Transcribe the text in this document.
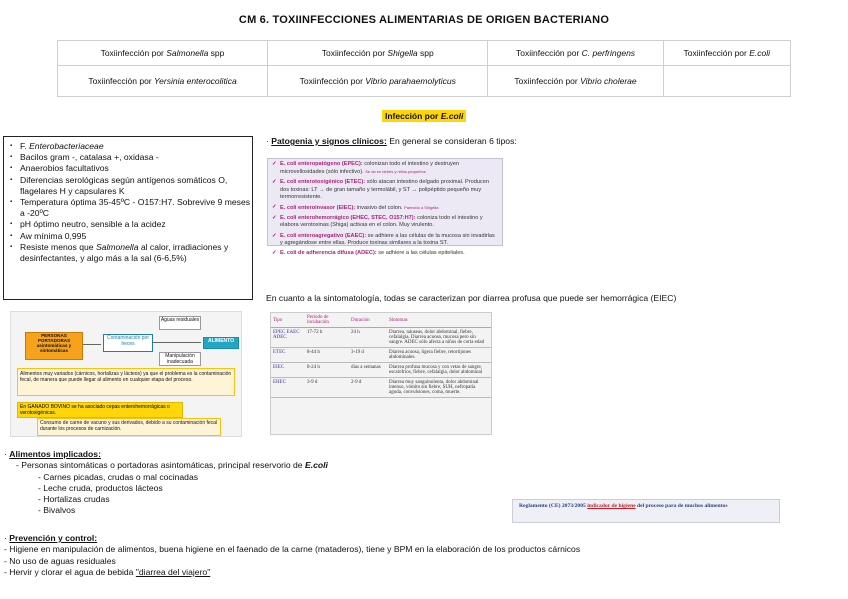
CM 6. TOXIINFECCIONES ALIMENTARIAS DE ORIGEN BACTERIANO
Toxiinfección por Salmonella spp	Toxiinfección por Shigella spp	Toxiinfección por C. perfringens	Toxiinfección por E.coli
Toxiinfección por Yersinia enterocolitica	Toxiinfección por Vibrio parahaemolyticus	Toxiinfección por Vibrio cholerae	
Infección por E.coli
▪ F. Enterobacteriaceae
▪ Bacilos gram -, catalasa +, oxidasa -
▪ Anaerobios facultativos
▪ Diferencias serológicas según antígenos somáticos O, flagelares H y capsulares K
▪ Temperatura óptima 35-45ºC - O157:H7. Sobrevive 9 meses a -20ºC
▪ pH óptimo neutro, sensible a la acidez
▪ Aw mínima 0,995
▪ Resiste menos que Salmonella al calor, irradiaciones y desinfectantes, y algo más a la sal (6-6,5%)
· Patogenia y signos clínicos: En general se consideran 6 tipos:
✓ E. coli enteropatógeno (EPEC): colonizan todo el intestino y destruyen microvellosidades (sólo infectivo). Se da en bebés y niños pequeños
✓ E. coli enterotoxigénico (ETEC): sólo atacan intestino delgado proximal. Producen dos toxinas: LT → de gran tamaño y termolábil, y ST → polipéptido pequeño muy termorresistente.
✓ E. coli enteroinvasor (EIEC): invasivo del colon. Parecido a Shigella
✓ E. coli enterohemorrágico (EHEC, STEC, O157:H7): coloniza todo el intestino y elabora verotoxinas (Shiga) activas en el colon. Muy virulento.
✓ E. coli enteroagregativo (EAEC): se adhiere a las células de la mucosa sin invadirlas y agregándose entre ellas. Produce toxinas similares a la toxina ST.
✓ E. coli de adherencia difusa (ADEC): se adhiere a las células epiteliales.
En cuanto a la sintomatología, todas se caracterizan por diarrea profusa que puede ser hemorrágica (EIEC)
PERSONAS PORTADORAS asintomáticas y sintomáticas
Contaminación por heces
Aguas residuales
Manipulación inadecuada
ALIMENTO
Alimentos muy variados (cárnicos, hortalizas y lácteos) ya que el problema es la contaminación fecal, de manera que puede llegar al alimento en cualquier etapa del proceso.
En GANADO BOVINO se ha asociado cepas enterohemorrágicas o verotoxigénicas.
Consumo de carne de vacuno y sus derivados, debido a su contaminación fecal durante los procesos de carnización.
Tipo	Período de incubación	Duración	Síntomas
EPEC EAEC ADEC	17-72 h	24 h	Diarrea, náuseas, dolor abdominal, fiebre, cefalalgia. Diarrea acuosa, mucosa pero sin sangre. ADEC sólo afecta a niños de corta edad
ETEC	8-44 h	3-19 d	Diarrea acuosa, ligera fiebre, retortijones abdominales.
EIEC	8-24 h	días a semanas	Diarrea profusa mucosa y con vetas de sangre, escalofríos, fiebre, cefalalgia, dolor abdominal
EHEC	3-9 d	2-9 d	Diarrea muy sanguinolenta, dolor abdominal intenso, vómito sin fiebre, SUH, nefropatía aguda, convulsiones, coma, muerte.
· Alimentos implicados:
- Personas sintomáticas o portadoras asintomáticas, principal reservorio de E.coli
- Carnes picadas, crudas o mal cocinadas
- Leche cruda, productos lácteos
- Hortalizas crudas
- Bivalvos	Reglamento (CE) 2073/2005 indicador de higiene del proceso para de muchos alimentos
· Prevención y control:
- Higiene en manipulación de alimentos, buena higiene en el faenado de la carne (mataderos), tiene y BPM en la elaboración de los productos cárnicos
- No uso de aguas residuales
- Hervir y clorar el agua de bebida "diarrea del viajero"
